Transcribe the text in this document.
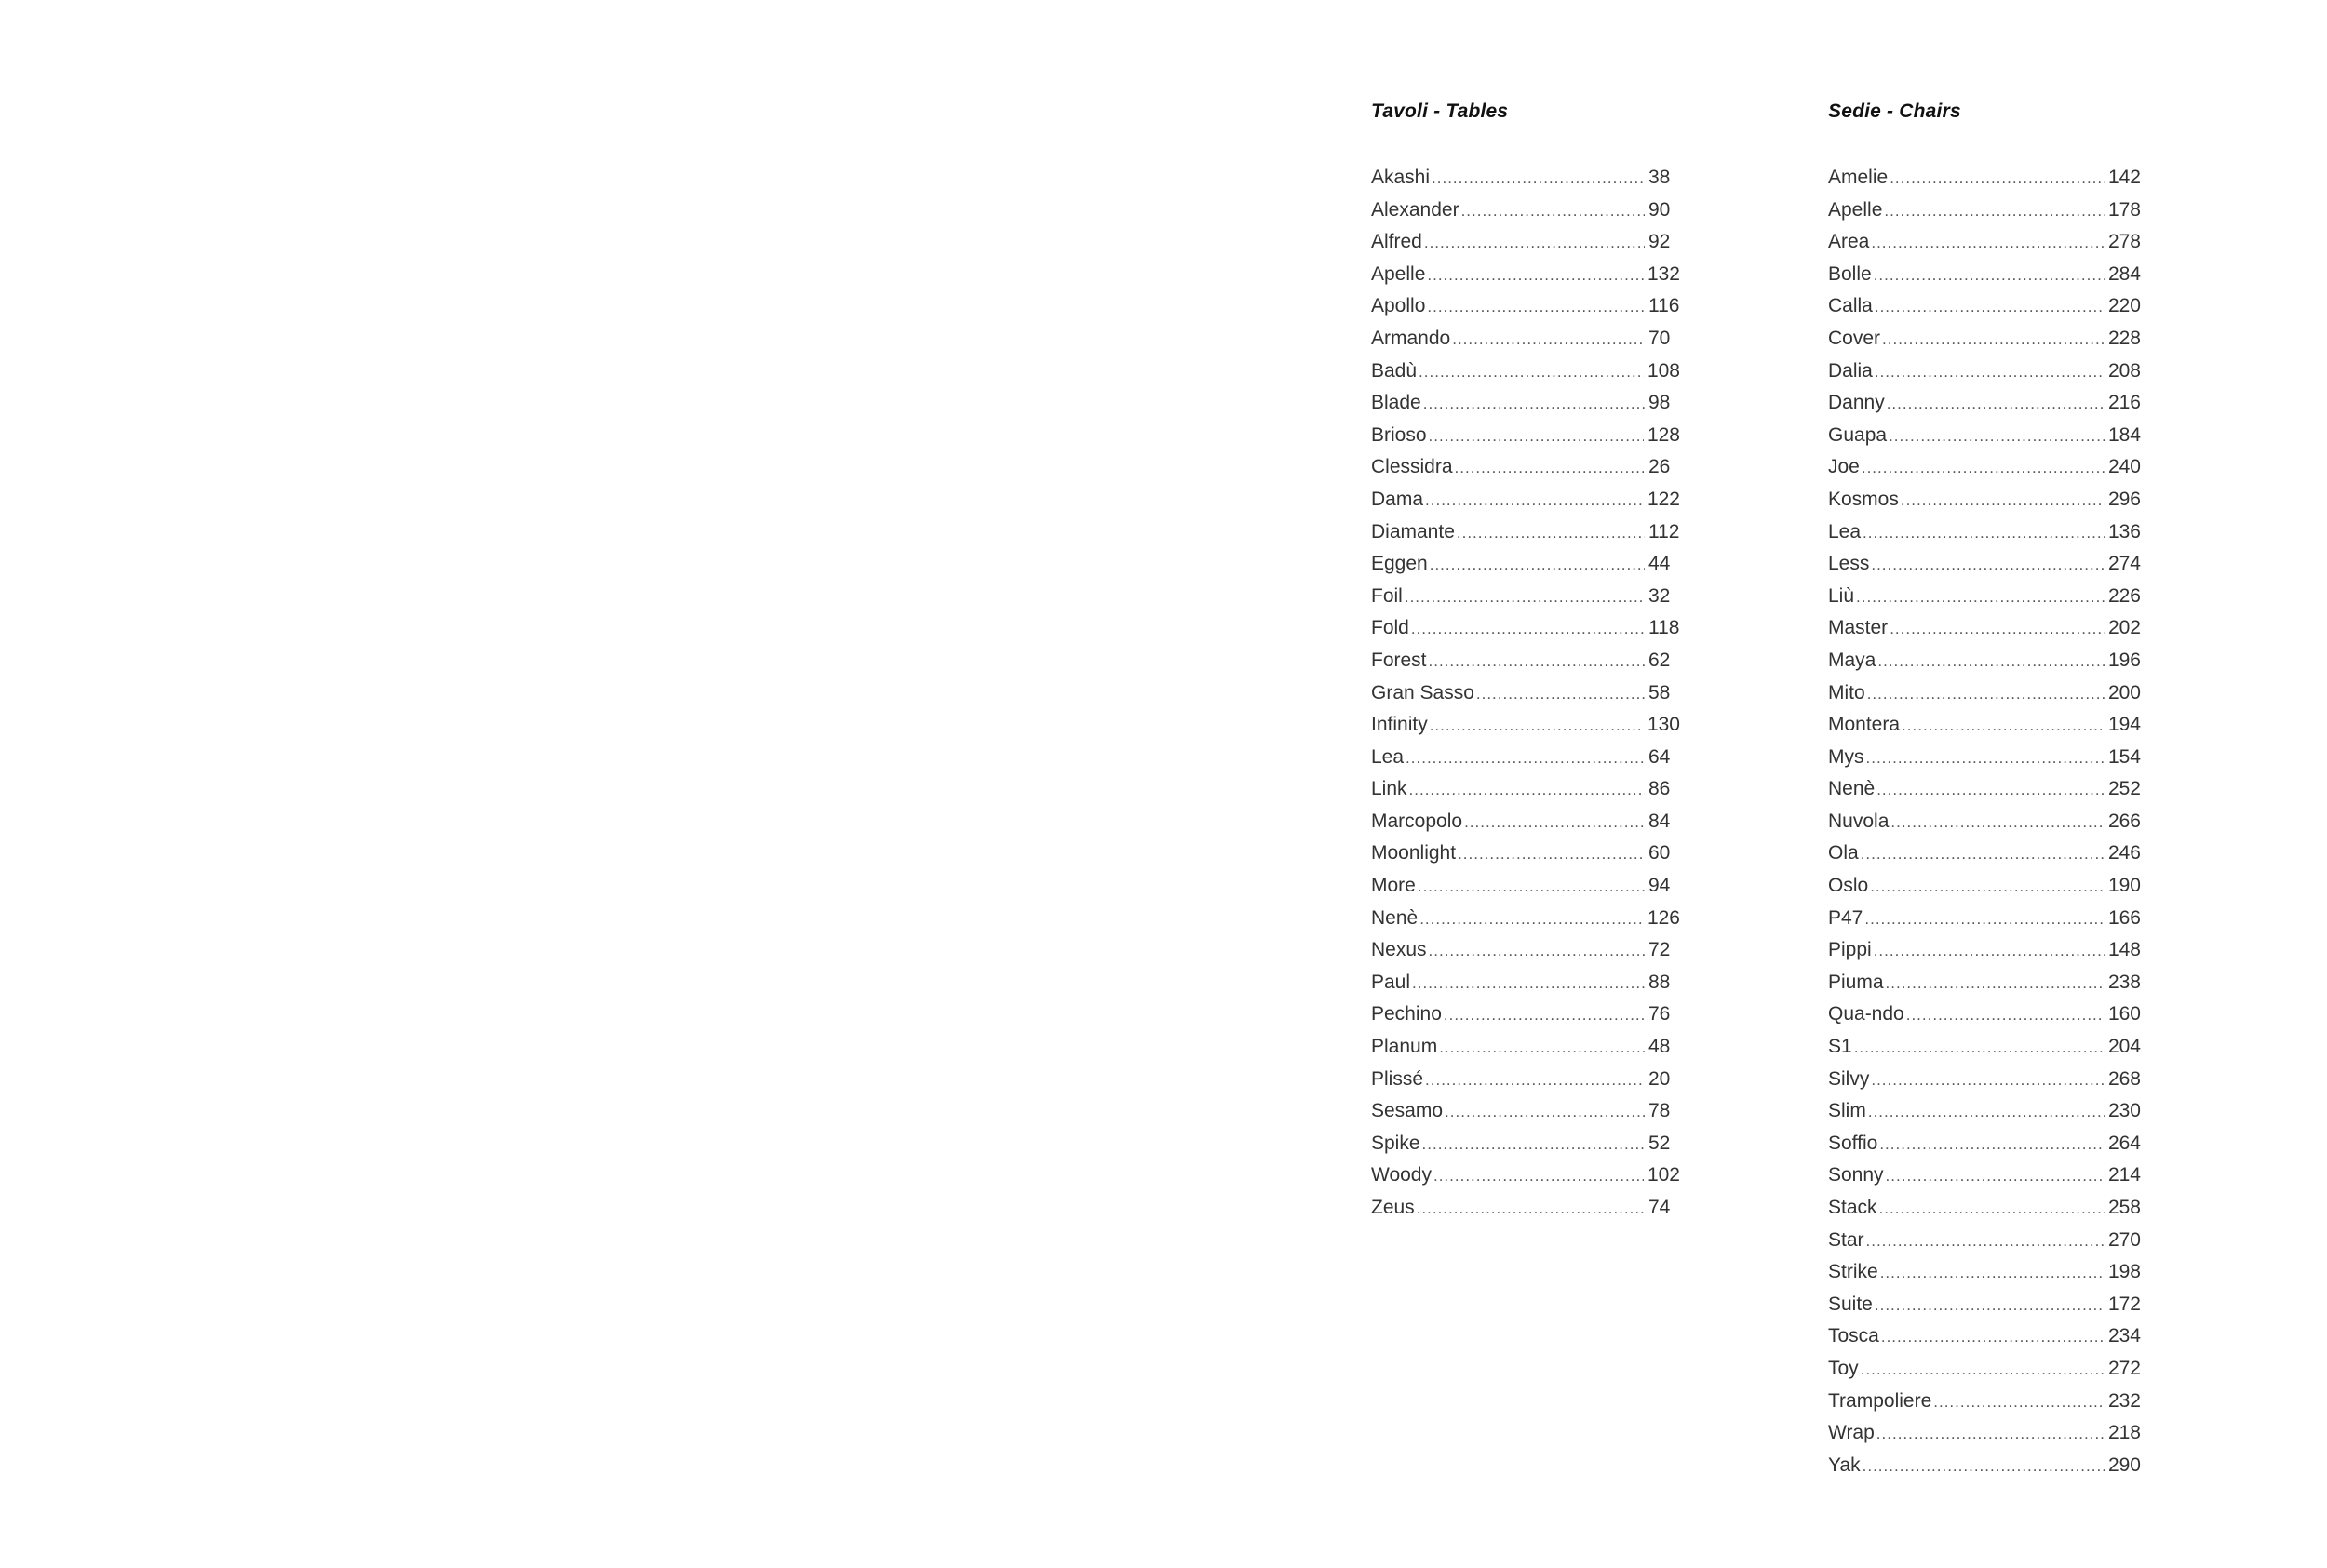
Tavoli - Tables
Akashi .....	38
Alexander .....	90
Alfred .....	92
Apelle .....	132
Apollo .....	116
Armando .....	70
Badù .....	108
Blade .....	98
Brioso .....	128
Clessidra .....	26
Dama .....	122
Diamante .....	112
Eggen .....	44
Foil .....	32
Fold .....	118
Forest .....	62
Gran Sasso .....	58
Infinity .....	130
Lea .....	64
Link .....	86
Marcopolo .....	84
Moonlight .....	60
More .....	94
Nenè .....	126
Nexus .....	72
Paul .....	88
Pechino .....	76
Planum .....	48
Plissé .....	20
Sesamo .....	78
Spike .....	52
Woody .....	102
Zeus .....	74
Sedie - Chairs
Amelie .....	142
Apelle .....	178
Area .....	278
Bolle .....	284
Calla .....	220
Cover .....	228
Dalia .....	208
Danny .....	216
Guapa .....	184
Joe .....	240
Kosmos .....	296
Lea .....	136
Less .....	274
Liù .....	226
Master .....	202
Maya .....	196
Mito .....	200
Montera .....	194
Mys .....	154
Nenè .....	252
Nuvola .....	266
Ola .....	246
Oslo .....	190
P47 .....	166
Pippi .....	148
Piuma .....	238
Qua-ndo .....	160
S1 .....	204
Silvy .....	268
Slim .....	230
Soffio .....	264
Sonny .....	214
Stack .....	258
Star .....	270
Strike .....	198
Suite .....	172
Tosca .....	234
Toy .....	272
Trampoliere .....	232
Wrap .....	218
Yak .....	290
